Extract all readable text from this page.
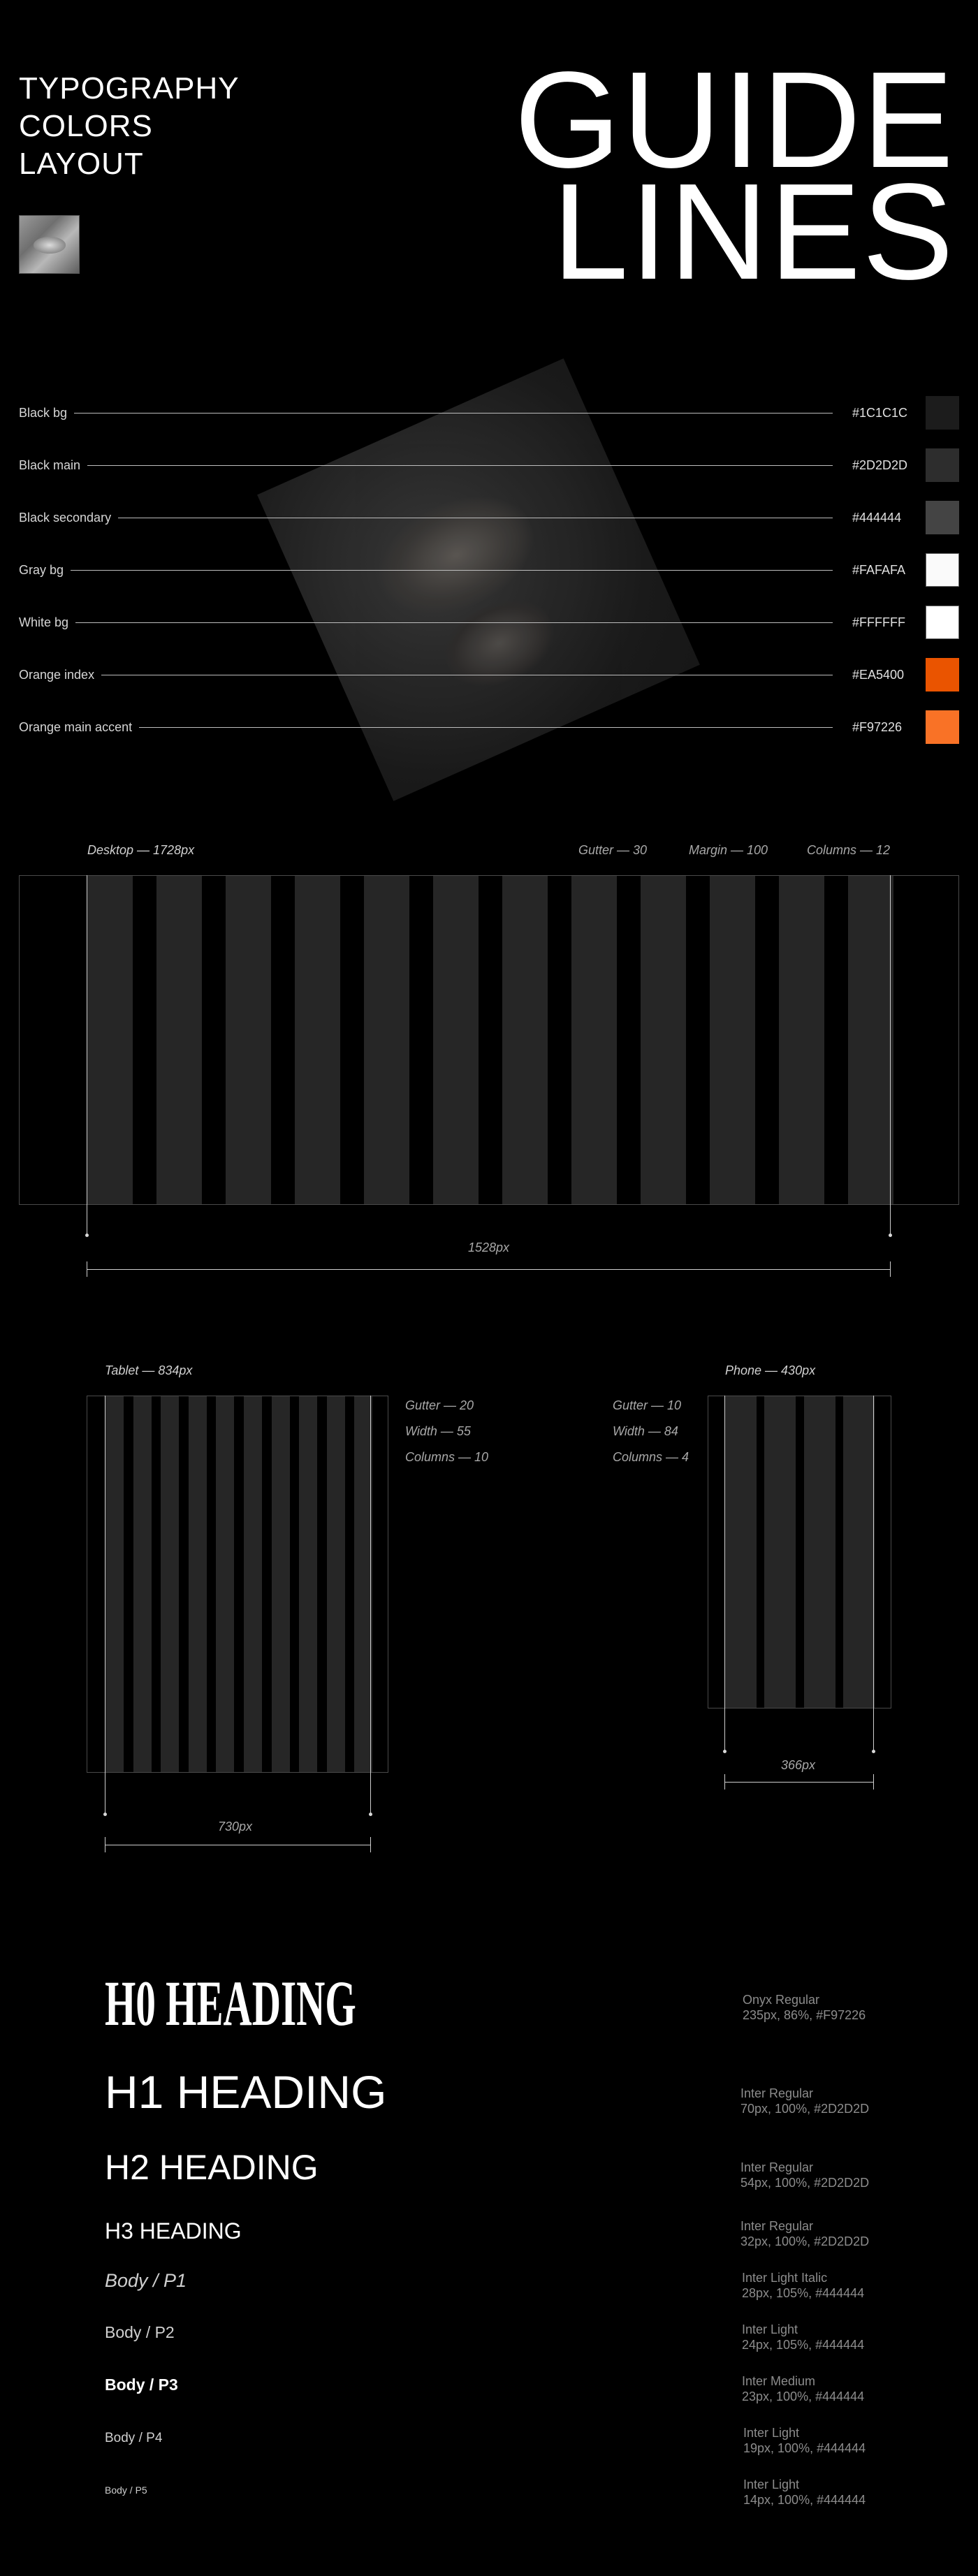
TYPOGRAPHY
COLORS
LAYOUT	GUIDE
LINES
Black bg	#1C1C1C
Black main	#2D2D2D
Black secondary	#444444
Gray bg	#FAFAFA
White bg	#FFFFFF
Orange index	#EA5400
Orange main accent	#F97226
Desktop — 1728px	Gutter — 30	Margin — 100	Columns — 12
1528px
Tablet — 834px
Gutter — 20
Width — 55
Columns — 10
730px
Phone — 430px
Gutter — 10
Width — 84
Columns — 4
366px
H0 HEADING	Onyx Regular
235px, 86%, #F97226
H1 HEADING	Inter Regular
70px, 100%, #2D2D2D
H2 HEADING	Inter Regular
54px, 100%, #2D2D2D
H3 HEADING	Inter Regular
32px, 100%, #2D2D2D
Body / P1	Inter Light Italic
28px, 105%, #444444
Body / P2	Inter Light
24px, 105%, #444444
Body / P3	Inter Medium
23px, 100%, #444444
Body / P4	Inter Light
19px, 100%, #444444
Body / P5	Inter Light
14px, 100%, #444444
